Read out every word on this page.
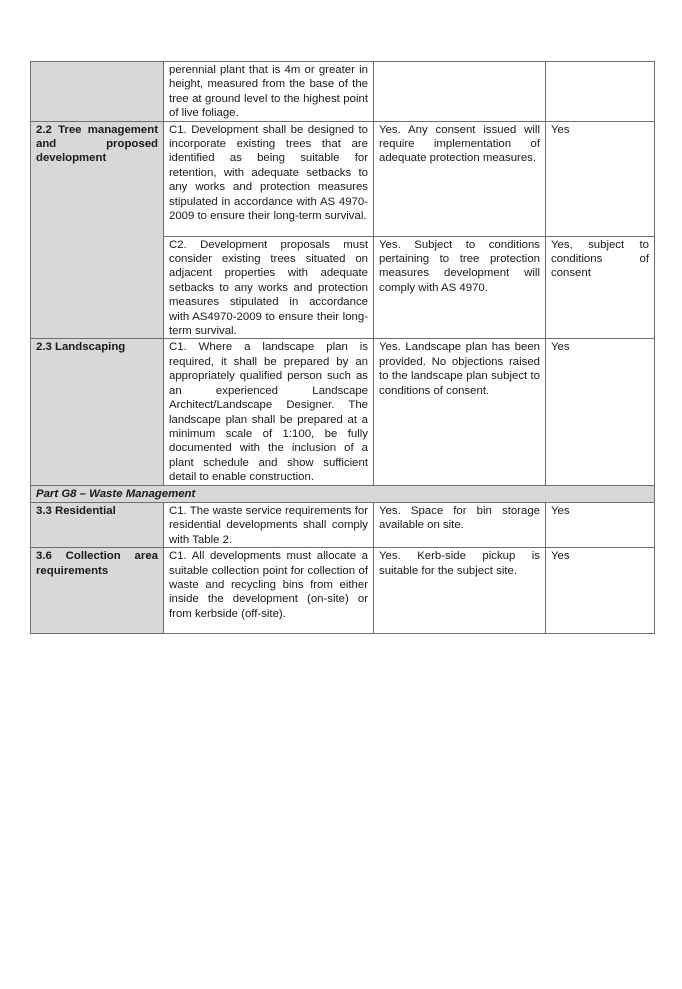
	perennial plant that is 4m or greater in height, measured from the base of the tree at ground level to the highest point of live foliage.		
2.2 Tree management and proposed development	C1. Development shall be designed to incorporate existing trees that are identified as being suitable for retention, with adequate setbacks to any works and protection measures stipulated in accordance with AS 4970-2009 to ensure their long-term survival.	Yes. Any consent issued will require implementation of adequate protection measures.	Yes
	C2. Development proposals must consider existing trees situated on adjacent properties with adequate setbacks to any works and protection measures stipulated in accordance with AS4970-2009 to ensure their long-term survival.	Yes. Subject to conditions pertaining to tree protection measures development will comply with AS 4970.	Yes, subject to conditions of consent
2.3 Landscaping	C1. Where a landscape plan is required, it shall be prepared by an appropriately qualified person such as an experienced Landscape Architect/Landscape Designer. The landscape plan shall be prepared at a minimum scale of 1:100, be fully documented with the inclusion of a plant schedule and show sufficient detail to enable construction.	Yes. Landscape plan has been provided. No objections raised to the landscape plan subject to conditions of consent.	Yes
Part G8 – Waste Management			
3.3 Residential	C1. The waste service requirements for residential developments shall comply with Table 2.	Yes. Space for bin storage available on site.	Yes
3.6 Collection area requirements	C1. All developments must allocate a suitable collection point for collection of waste and recycling bins from either inside the development (on-site) or from kerbside (off-site).	Yes. Kerb-side pickup is suitable for the subject site.	Yes
